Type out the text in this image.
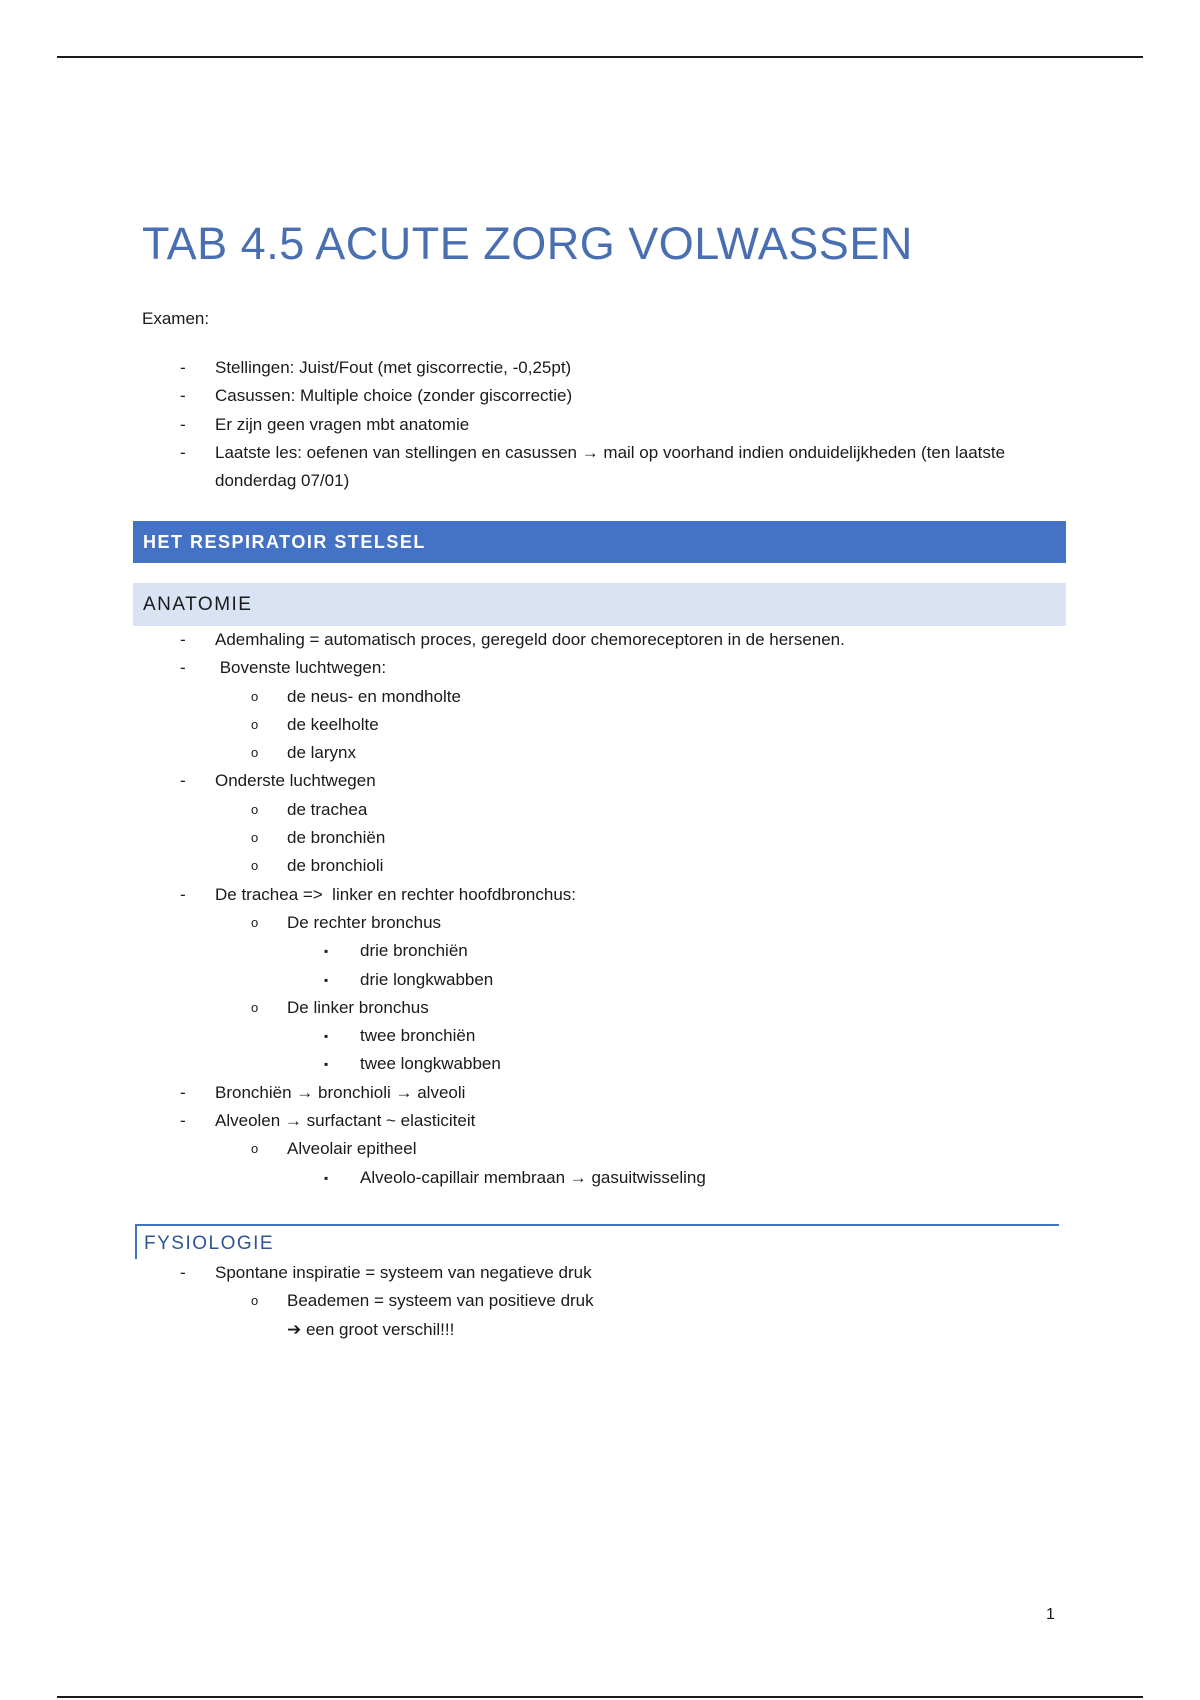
TAB 4.5 ACUTE ZORG VOLWASSEN
Examen:
- Stellingen: Juist/Fout (met giscorrectie, -0,25pt)
- Casussen: Multiple choice (zonder giscorrectie)
- Er zijn geen vragen mbt anatomie
- Laatste les: oefenen van stellingen en casussen → mail op voorhand indien onduidelijkheden (ten laatste donderdag 07/01)
HET RESPIRATOIR STELSEL
ANATOMIE
- Ademhaling = automatisch proces, geregeld door chemoreceptoren in de hersenen.
- Bovenste luchtwegen:
o de neus- en mondholte
o de keelholte
o de larynx
- Onderste luchtwegen
o de trachea
o de bronchiën
o de bronchioli
- De trachea =>  linker en rechter hoofdbronchus:
o De rechter bronchus
▪ drie bronchiën
▪ drie longkwabben
o De linker bronchus
▪ twee bronchiën
▪ twee longkwabben
- Bronchiën → bronchioli → alveoli
- Alveolen → surfactant ~ elasticiteit
o Alveolair epitheel
▪ Alveolo-capillair membraan → gasuitwisseling
FYSIOLOGIE
- Spontane inspiratie = systeem van negatieve druk
o Beademen = systeem van positieve druk
➔ een groot verschil!!!
1
